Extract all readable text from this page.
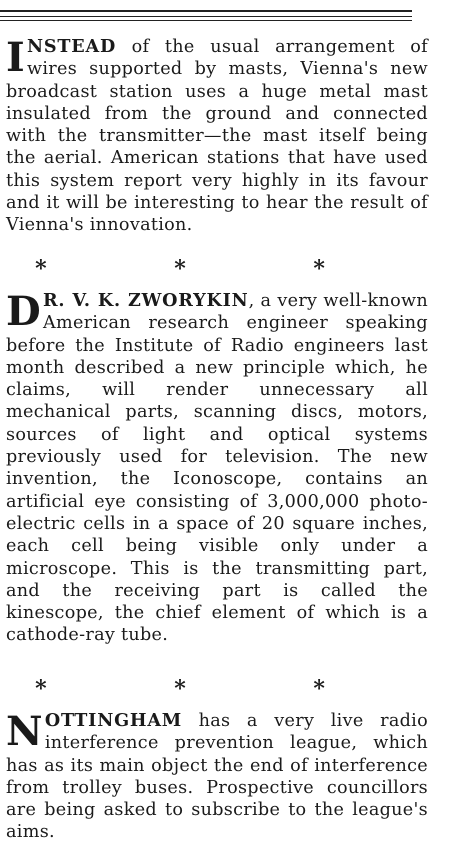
INSTEAD of the usual arrangement of wires supported by masts, Vienna's new broadcast station uses a huge metal mast insulated from the ground and connected with the transmitter—the mast itself being the aerial. American stations that have used this system report very highly in its favour and it will be interesting to hear the result of Vienna's innovation.

* * *

D R. V. K. ZWORYKIN, a very well-known American research engineer speaking before the Institute of Radio engineers last month described a new principle which, he claims, will render unnecessary all mechanical parts, scanning discs, motors, sources of light and optical systems previously used for television. The new invention, the Iconoscope, contains an artificial eye consisting of 3,000,000 photo-electric cells in a space of 20 square inches, each cell being visible only under a microscope. This is the transmitting part, and the receiving part is called the kinescope, the chief element of which is a cathode-ray tube.

* * *

NOTTINGHAM has a very live radio interference prevention league, which has as its main object the end of interference from trolley buses. Prospective councillors are being asked to subscribe to the league's aims.
